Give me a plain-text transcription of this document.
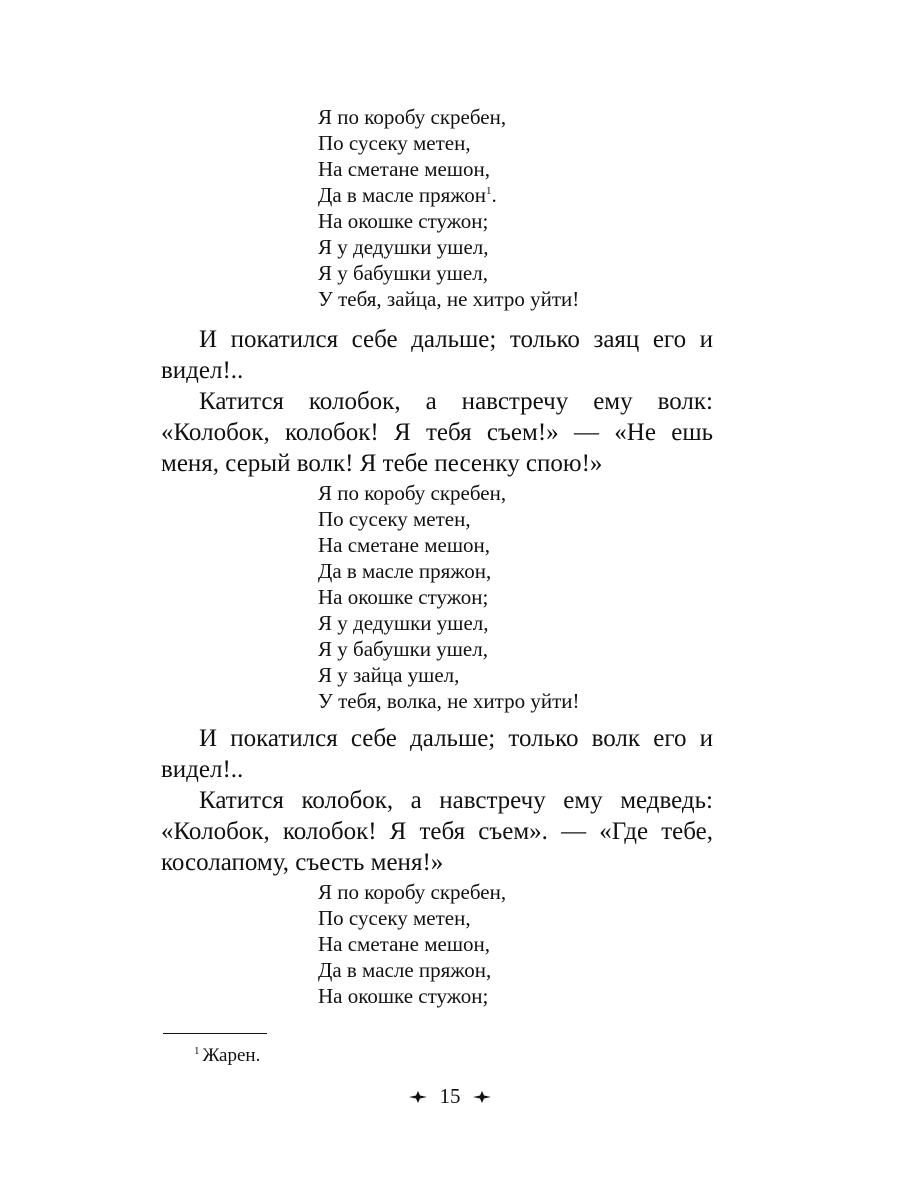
Я по коробу скребен,
По сусеку метен,
На сметане мешон,
Да в масле пряжон$^1$.
На окошке стужон;
Я у дедушки ушел,
Я у бабушки ушел,
У тебя, зайца, не хитро уйти!

И покатился себе дальше; только заяц его и видел!..

Катится колобок, а навстречу ему волк: «Колобок, колобок! Я тебя съем!» — «Не ешь меня, серый волк! Я тебе песенку спою!»

Я по коробу скребен,
По сусеку метен,
На сметане мешон,
Да в масле пряжон,
На окошке стужон;
Я у дедушки ушел,
Я у бабушки ушел,
Я у зайца ушел,
У тебя, волка, не хитро уйти!

И покатился себе дальше; только волк его и видел!..

Катится колобок, а навстречу ему медведь: «Колобок, колобок! Я тебя съем». — «Где тебе, косолапому, съесть меня!»

Я по коробу скребен,
По сусеку метен,
На сметане мешон,
Да в масле пряжон,
На окошке стужон;
$^1$ Жарен.
15
